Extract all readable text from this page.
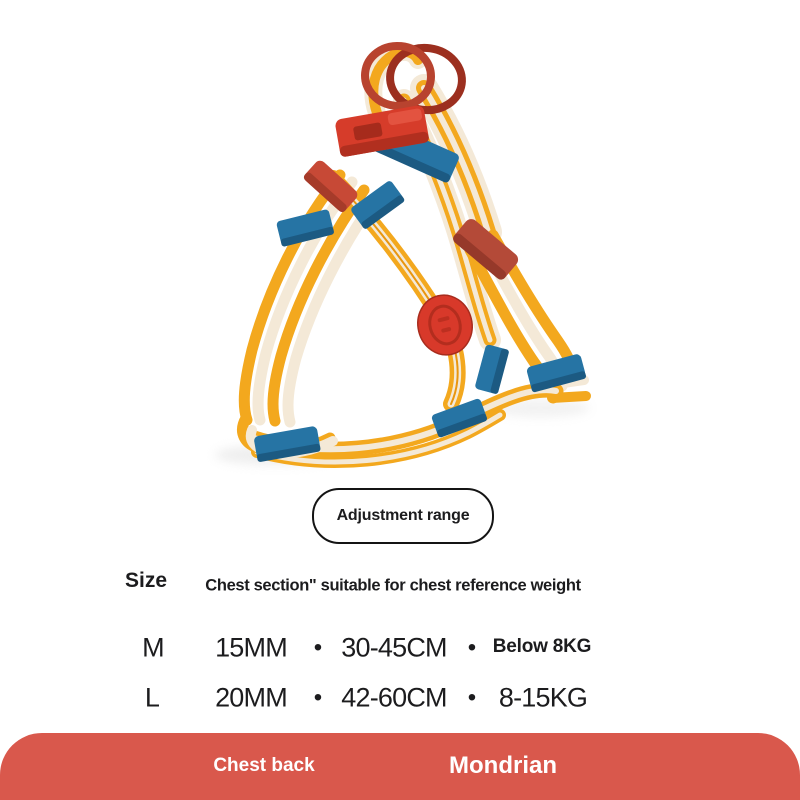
Adjustment range
Size Chest section" suitable for chest reference weight
M 15MM • 30-45CM • Below 8KG
L 20MM • 42-60CM • 8-15KG
Chest back	Mondrian
